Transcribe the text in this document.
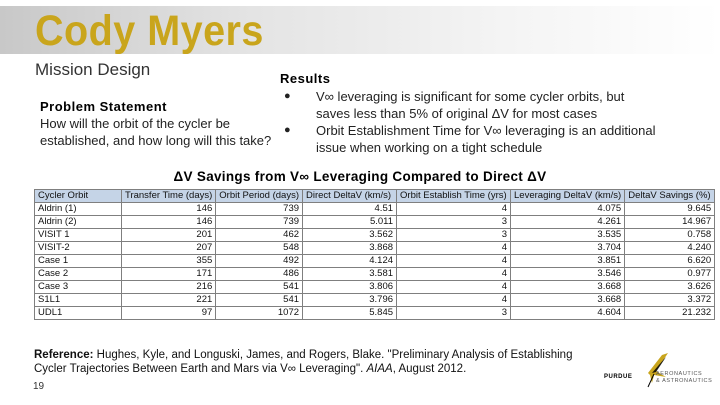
Cody Myers
Mission Design
Problem Statement
How will the orbit of the cycler be established, and how long will this take?
Results
● V∞ leveraging is significant for some cycler orbits, but saves less than 5% of original ΔV for most cases
● Orbit Establishment Time for V∞ leveraging is an additional issue when working on a tight schedule
ΔV Savings from V∞ Leveraging Compared to Direct ΔV
Cycler Orbit	Transfer Time (days)	Orbit Period (days)	Direct DeltaV (km/s)	Orbit Establish Time (yrs)	Leveraging DeltaV (km/s)	DeltaV Savings (%)
Aldrin (1)	146	739	4.51	4	4.075	9.645
Aldrin (2)	146	739	5.011	3	4.261	14.967
VISIT 1	201	462	3.562	3	3.535	0.758
VISIT-2	207	548	3.868	4	3.704	4.240
Case 1	355	492	4.124	4	3.851	6.620
Case 2	171	486	3.581	4	3.546	0.977
Case 3	216	541	3.806	4	3.668	3.626
S1L1	221	541	3.796	4	3.668	3.372
UDL1	97	1072	5.845	3	4.604	21.232
Reference: Hughes, Kyle, and Longuski, James, and Rogers, Blake. "Preliminary Analysis of Establishing Cycler Trajectories Between Earth and Mars via V∞ Leveraging". AIAA, August 2012.
19
PURDUE	AERONAUTICS
& ASTRONAUTICS
